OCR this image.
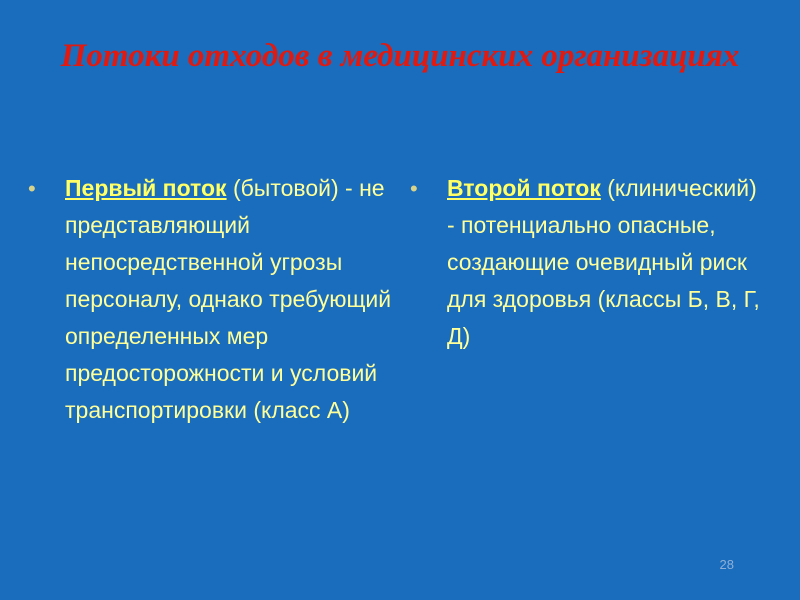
Потоки отходов в медицинских организациях
•	Первый поток (бытовой) - не представляющий непосредственной угрозы персоналу, однако требующий определенных мер предосторожности и условий транспортировки (класс А)
•	Второй поток (клинический) - потенциально опасные, создающие очевидный риск для здоровья (классы Б, В, Г, Д)
28
